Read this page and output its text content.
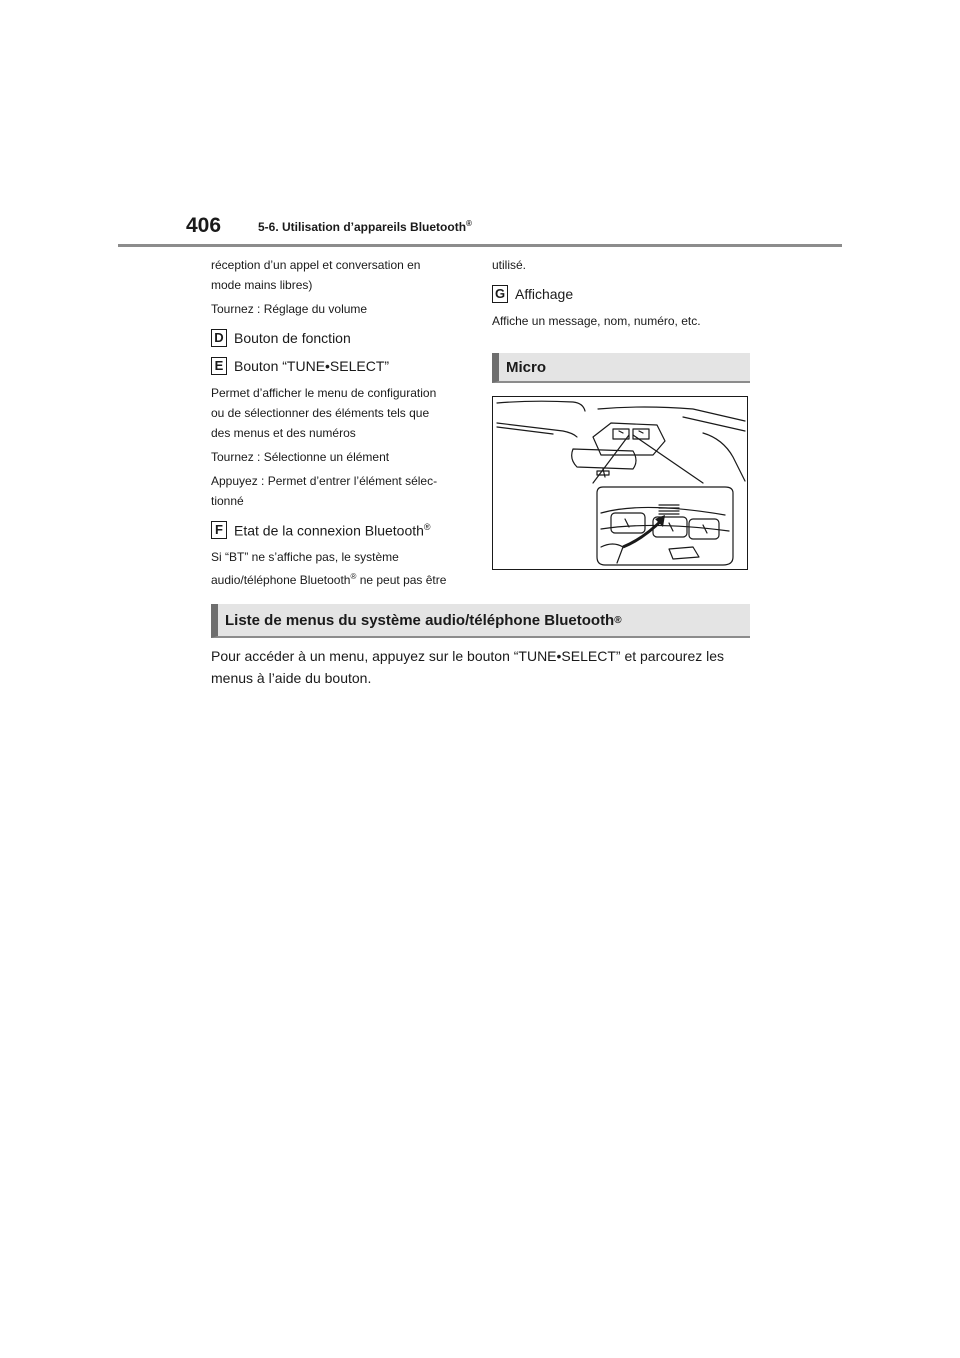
406	5-6. Utilisation d’appareils Bluetooth®

réception d’un appel et conversation en
mode mains libres)

Tournez : Réglage du volume

D Bouton de fonction
E Bouton “TUNE•SELECT”

Permet d’afficher le menu de configuration
ou de sélectionner des éléments tels que
des menus et des numéros

Tournez : Sélectionne un élément

Appuyez : Permet d’entrer l’élément sélec-
tionné

F Etat de la connexion Bluetooth®

Si “BT” ne s’affiche pas, le système
audio/téléphone Bluetooth® ne peut pas être

utilisé.

G Affichage

Affiche un message, nom, numéro, etc.

Micro
Liste de menus du système audio/téléphone Bluetooth ®

Pour accéder à un menu, appuyez sur le bouton “TUNE•SELECT” et parcourez les
menus à l’aide du bouton.
